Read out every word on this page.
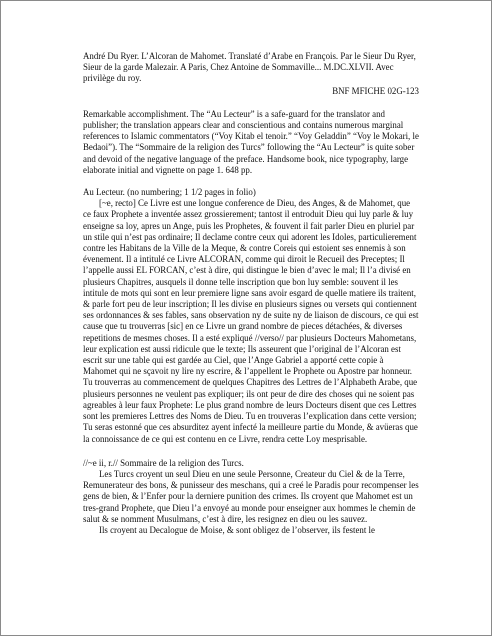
André Du Ryer. L’Alcoran de Mahomet. Translaté d’Arabe en François. Par le Sieur Du Ryer, Sieur de la garde Malezair. A Paris, Chez Antoine de Sommaville... M.DC.XLVII. Avec privilège du roy.

BNF MFICHE 02G-123

Remarkable accomplishment. The “Au Lecteur” is a safe-guard for the translator and publisher; the translation appears clear and conscientious and contains numerous marginal references to Islamic commentators (“Voy Kitab el tenoir.” “Voy Geladdin” “Voy le Mokari, le Bedaoi”). The “Sommaire de la religion des Turcs” following the “Au Lecteur” is quite sober and devoid of the negative language of the preface. Handsome book, nice typography, large elaborate initial and vignette on page 1. 648 pp.

Au Lecteur. (no numbering; 1 1/2 pages in folio)

[~e, recto] Ce Livre est une longue conference de Dieu, des Anges, & de Mahomet, que ce faux Prophete a inventée assez grossierement; tantost il entroduit Dieu qui luy parle & luy enseigne sa loy, apres un Ange, puis les Prophetes, & fouvent il fait parler Dieu en pluriel par un stile qui n’est pas ordinaire; Il declame contre ceux qui adorent les Idoles, particulierement contre les Habitans de la Ville de la Meque, & contre Coreis qui estoient ses ennemis à son évenement. Il a intitulé ce Livre ALCORAN, comme qui diroit le Recueil des Preceptes; Il l’appelle aussi EL FORCAN, c’est à dire, qui distingue le bien d’avec le mal; Il l’a divisé en plusieurs Chapitres, ausquels il donne telle inscription que bon luy semble: souvent il les intitule de mots qui sont en leur premiere ligne sans avoir esgard de quelle matiere ils traitent, & parle fort peu de leur inscription; Il les divise en plusieurs signes ou versets qui contiennent ses ordonnances & ses fables, sans observation ny de suite ny de liaison de discours, ce qui est cause que tu trouverras [sic] en ce Livre un grand nombre de pieces détachées, & diverses repetitions de mesmes choses. Il a esté expliqué //verso// par plusieurs Docteurs Mahometans, leur explication est aussi ridicule que le texte; Ils asseurent que l’original de l’Alcoran est escrit sur une table qui est gardée au Ciel, que l’Ange Gabriel a apporté cette copie à Mahomet qui ne sçavoit ny lire ny escrire, & l’appellent le Prophete ou Apostre par honneur. Tu trouverras au commencement de quelques Chapitres des Lettres de l’Alphabeth Arabe, que plusieurs personnes ne veulent pas expliquer; ils ont peur de dire des choses qui ne soient pas agreables à leur faux Prophete: Le plus grand nombre de leurs Docteurs disent que ces Lettres sont les premieres Lettres des Noms de Dieu. Tu en trouveras l’explication dans cette version; Tu seras estonné que ces absurditez ayent infecté la meilleure partie du Monde, & avüeras que la connoissance de ce qui est contenu en ce Livre, rendra cette Loy mesprisable.

//~e ii, r.// Sommaire de la religion des Turcs.

Les Turcs croyent un seul Dieu en une seule Personne, Createur du Ciel & de la Terre, Remunerateur des bons, & punisseur des meschans, qui a creé le Paradis pour recompenser les gens de bien, & l’Enfer pour la derniere punition des crimes. Ils croyent que Mahomet est un tres-grand Prophete, que Dieu l’a envoyé au monde pour enseigner aux hommes le chemin de salut & se nomment Musulmans, c’est à dire, les resignez en dieu ou les sauvez.

Ils croyent au Decalogue de Moise, & sont obligez de l’observer, ils festent le
